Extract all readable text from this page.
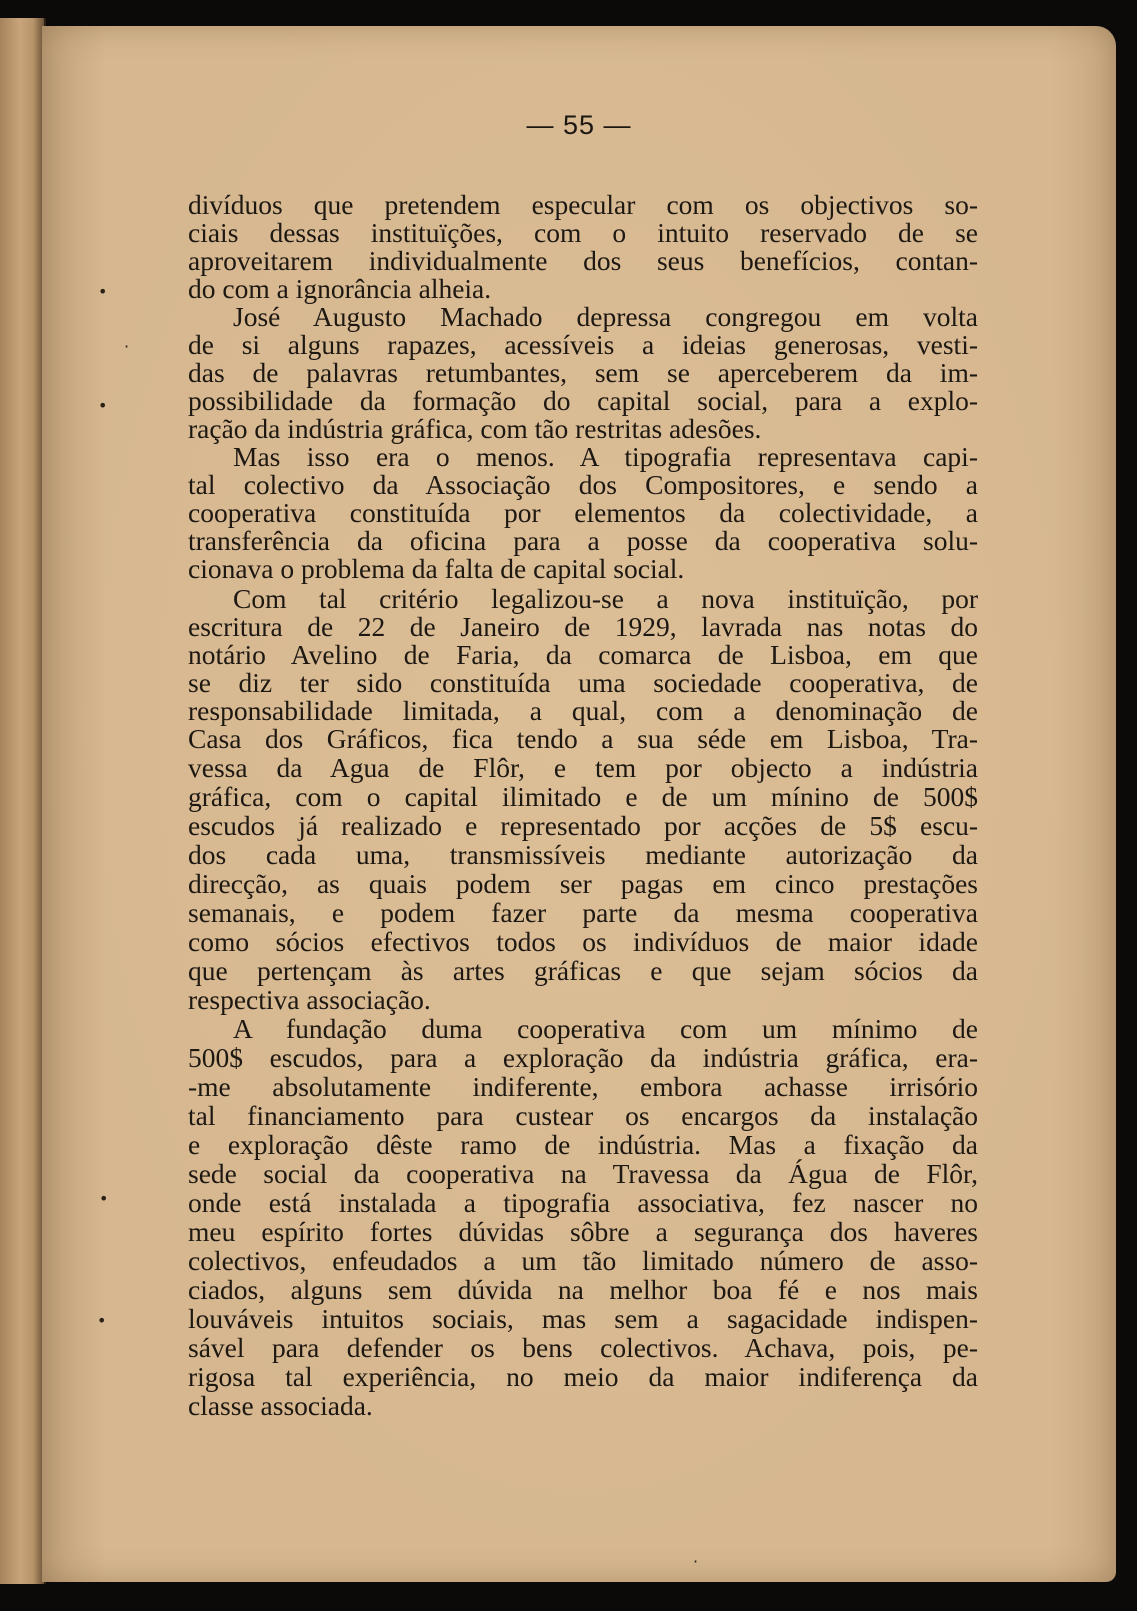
— 55 —
divíduos que pretendem especular com os objectivos so-
ciais dessas instituïções, com o intuito reservado de se
aproveitarem individualmente dos seus benefícios, contan-
do com a ignorância alheia.
José Augusto Machado depressa congregou em volta
de si alguns rapazes, acessíveis a ideias generosas, vesti-
das de palavras retumbantes, sem se aperceberem da im-
possibilidade da formação do capital social, para a explo-
ração da indústria gráfica, com tão restritas adesões.
Mas isso era o menos. A tipografia representava capi-
tal colectivo da Associação dos Compositores, e sendo a
cooperativa constituída por elementos da colectividade, a
transferência da oficina para a posse da cooperativa solu-
cionava o problema da falta de capital social.
Com tal critério legalizou-se a nova instituïção, por
escritura de 22 de Janeiro de 1929, lavrada nas notas do
notário Avelino de Faria, da comarca de Lisboa, em que
se diz ter sido constituída uma sociedade cooperativa, de
responsabilidade limitada, a qual, com a denominação de
Casa dos Gráficos, fica tendo a sua séde em Lisboa, Tra-
vessa da Agua de Flôr, e tem por objecto a indústria
gráfica, com o capital ilimitado e de um mínino de 500$
escudos já realizado e representado por acções de 5$ escu-
dos cada uma, transmissíveis mediante autorização da
direcção, as quais podem ser pagas em cinco prestações
semanais, e podem fazer parte da mesma cooperativa
como sócios efectivos todos os indivíduos de maior idade
que pertençam às artes gráficas e que sejam sócios da
respectiva associação.
A fundação duma cooperativa com um mínimo de
500$ escudos, para a exploração da indústria gráfica, era-
-me absolutamente indiferente, embora achasse irrisório
tal financiamento para custear os encargos da instalação
e exploração dêste ramo de indústria. Mas a fixação da
sede social da cooperativa na Travessa da Água de Flôr,
onde está instalada a tipografia associativa, fez nascer no
meu espírito fortes dúvidas sôbre a segurança dos haveres
colectivos, enfeudados a um tão limitado número de asso-
ciados, alguns sem dúvida na melhor boa fé e nos mais
louváveis intuitos sociais, mas sem a sagacidade indispen-
sável para defender os bens colectivos. Achava, pois, pe-
rigosa tal experiência, no meio da maior indiferença da
classe associada.
•
·
•
•
•
·
